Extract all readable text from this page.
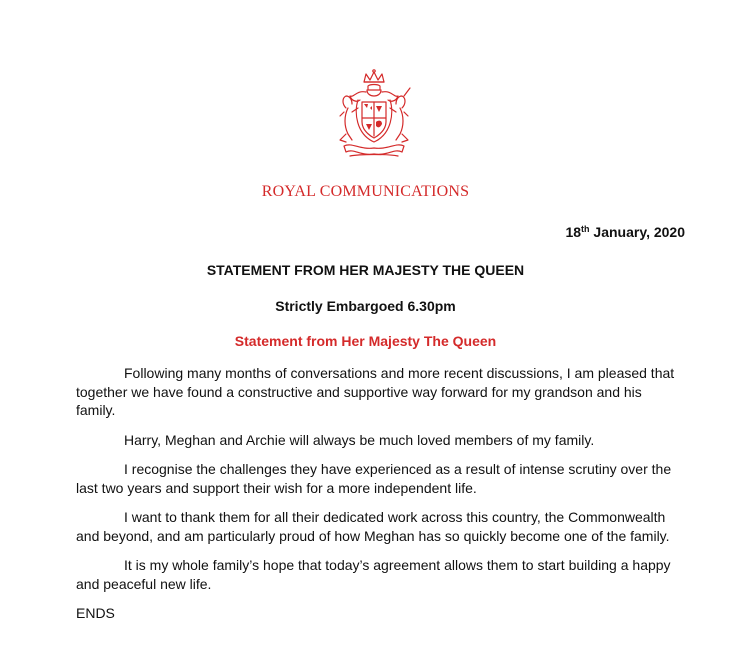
ROYAL COMMUNICATIONS
18th January, 2020
STATEMENT FROM HER MAJESTY THE QUEEN
Strictly Embargoed 6.30pm
Statement from Her Majesty The Queen

Following many months of conversations and more recent discussions, I am pleased that together we have found a constructive and supportive way forward for my grandson and his family.

Harry, Meghan and Archie will always be much loved members of my family.

I recognise the challenges they have experienced as a result of intense scrutiny over the last two years and support their wish for a more independent life.

I want to thank them for all their dedicated work across this country, the Commonwealth and beyond, and am particularly proud of how Meghan has so quickly become one of the family.

It is my whole family’s hope that today’s agreement allows them to start building a happy and peaceful new life.

ENDS
